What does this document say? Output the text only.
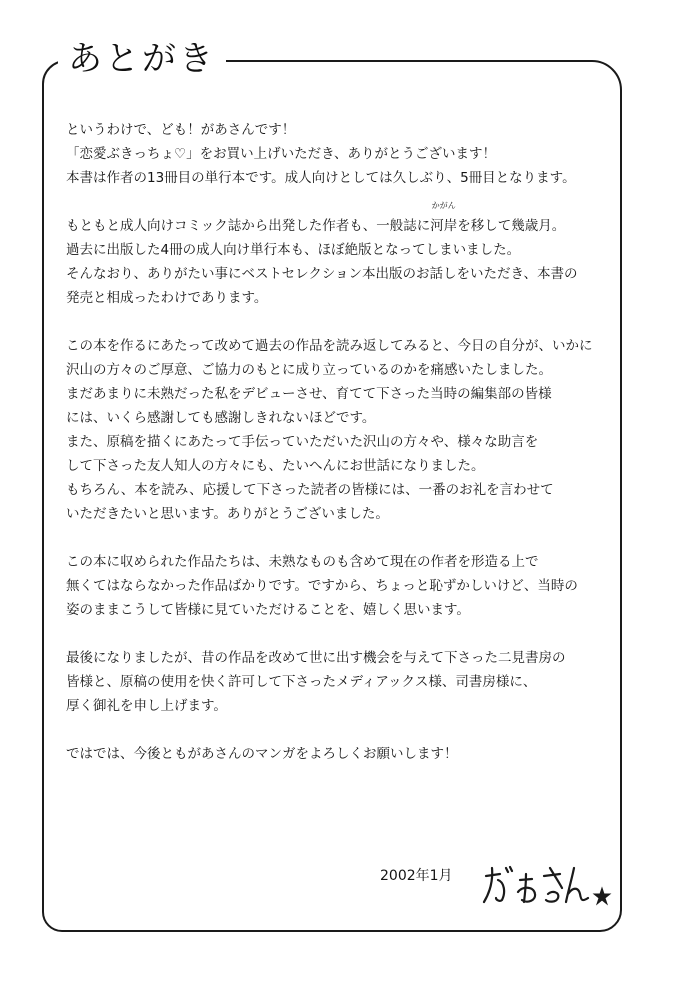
あとがき
というわけで、ども！があさんです！
「恋愛ぶきっちょ♡」をお買い上げいただき、ありがとうございます！
本書は作者の13冊目の単行本です。成人向けとしては久しぶり、5冊目となります。
もともと成人向けコミック誌から出発した作者も、一般誌に
かがん
河岸を移して幾歳月。
過去に出版した4冊の成人向け単行本も、ほぼ絶版となってしまいました。
そんなおり、ありがたい事にベストセレクション本出版のお話しをいただき、本書の
発売と相成ったわけであります。
この本を作るにあたって改めて過去の作品を読み返してみると、今日の自分が、いかに
沢山の方々のご厚意、ご協力のもとに成り立っているのかを痛感いたしました。
まだあまりに未熟だった私をデビューさせ、育てて下さった当時の編集部の皆様
には、いくら感謝しても感謝しきれないほどです。
また、原稿を描くにあたって手伝っていただいた沢山の方々や、様々な助言を
して下さった友人知人の方々にも、たいへんにお世話になりました。
もちろん、本を読み、応援して下さった読者の皆様には、一番のお礼を言わせて
いただきたいと思います。ありがとうございました。
この本に収められた作品たちは、未熟なものも含めて現在の作者を形造る上で
無くてはならなかった作品ばかりです。ですから、ちょっと恥ずかしいけど、当時の
姿のままこうして皆様に見ていただけることを、嬉しく思います。
最後になりましたが、昔の作品を改めて世に出す機会を与えて下さった二見書房の
皆様と、原稿の使用を快く許可して下さったメディアックス様、司書房様に、
厚く御礼を申し上げます。
ではでは、今後ともがあさんのマンガをよろしくお願いします！
2002年1月
